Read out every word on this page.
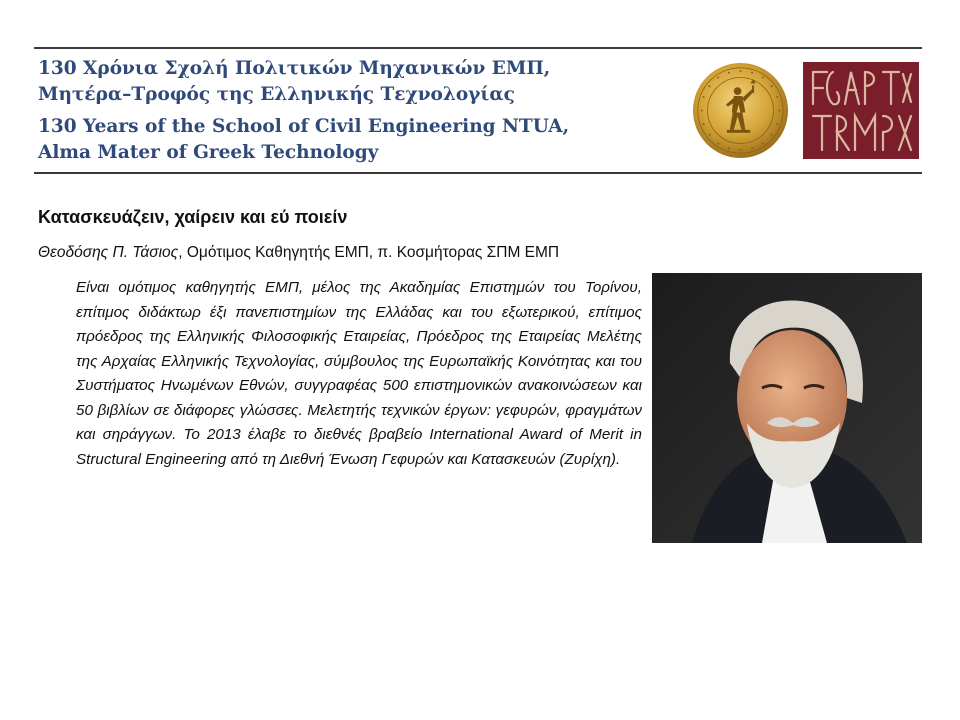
130 Χρόνια Σχολή Πολιτικών Μηχανικών ΕΜΠ,
Μητέρα–Τροφός της Ελληνικής Τεχνολογίας
130 Years of the School of Civil Engineering NTUA,
Alma Mater of Greek Technology
Κατασκευάζειν, χαίρειν και εύ ποιείν
Θεοδόσης Π. Τάσιος, Ομότιμος Καθηγητής ΕΜΠ, π. Κοσμήτορας ΣΠΜ ΕΜΠ
Είναι ομότιμος καθηγητής ΕΜΠ, μέλος της Ακαδημίας Επιστημών του Τορίνου, επίτιμος διδάκτωρ έξι πανεπιστημίων της Ελλάδας και του εξωτερικού, επίτιμος πρόεδρος της Ελληνικής Φιλοσοφικής Εταιρείας, Πρόεδρος της Εταιρείας Μελέτης της Αρχαίας Ελληνικής Τεχνολογίας, σύμβουλος της Ευρωπαϊκής Κοινότητας και του Συστήματος Ηνωμένων Εθνών, συγγραφέας 500 επιστημονικών ανακοινώσεων και 50 βιβλίων σε διάφορες γλώσσες. Μελετητής τεχνικών έργων: γεφυρών, φραγμάτων και σηράγγων. Το 2013 έλαβε το διεθνές βραβείο International Award of Merit in Structural Engineering από τη Διεθνή Ένωση Γεφυρών και Κατασκευών (Ζυρίχη).
